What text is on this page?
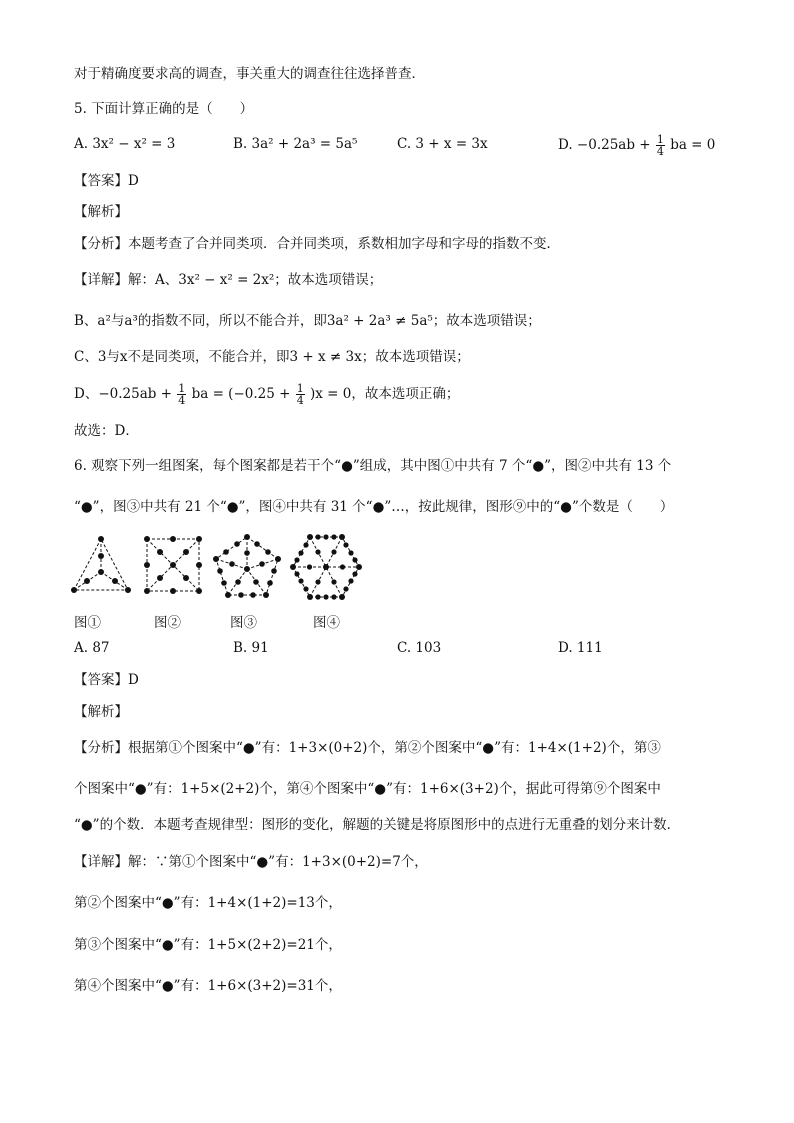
对于精确度要求高的调查，事关重大的调查往往选择普查．
5. 下面计算正确的是（　　）
A. 3x² − x² = 3	B. 3a² + 2a³ = 5a⁵	C. 3 + x = 3x	D. $-0.25ab + \frac{1}{4}$ ba = 0
【答案】D
【解析】
【分析】本题考查了合并同类项．合并同类项，系数相加字母和字母的指数不变．
【详解】解：A、3x² − x² = 2x²；故本选项错误；
B、a²与a³的指数不同，所以不能合并，即3a² + 2a³ ≠ 5a⁵；故本选项错误；
C、3与x不是同类项，不能合并，即3 + x ≠ 3x；故本选项错误；
D、$-0.25ab + \frac{1}{4}$ ba = $(-0.25 + \frac{1}{4} )x = 0$，故本选项正确；
故选：D．
6. 观察下列一组图案，每个图案都是若干个“●”组成，其中图①中共有 7 个“●”，图②中共有 13 个
“●”，图③中共有 21 个“●”，图④中共有 31 个“●”…，按此规律，图形⑨中的“●”个数是（　　）
图①	图②	图③	图④
A. 87	B. 91	C. 103	D. 111
【答案】D
【解析】
【分析】根据第①个图案中“●”有：1+3×(0+2)个，第②个图案中“●”有：1+4×(1+2)个，第③
个图案中“●”有：1+5×(2+2)个，第④个图案中“●”有：1+6×(3+2)个，据此可得第⑨个图案中
“●”的个数．本题考查规律型：图形的变化，解题的关键是将原图形中的点进行无重叠的划分来计数．
【详解】解：∵第①个图案中“●”有：1+3×(0+2)=7个，
第②个图案中“●”有：1+4×(1+2)=13个，
第③个图案中“●”有：1+5×(2+2)=21个，
第④个图案中“●”有：1+6×(3+2)=31个，
